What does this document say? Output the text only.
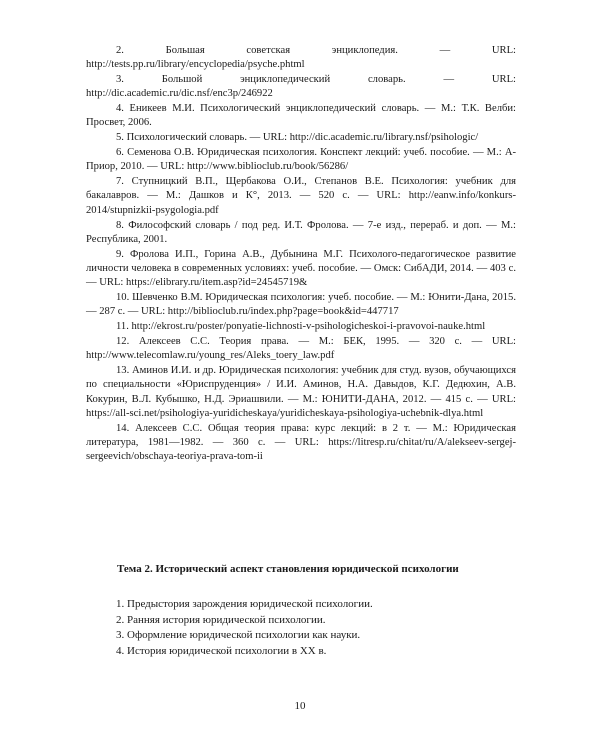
2. Большая советская энциклопедия. — URL: http://tests.pp.ru/library/encyclopedia/psyche.phtml

3. Большой энциклопедический словарь. — URL: http://dic.academic.ru/dic.nsf/enc3p/246922

4. Еникеев М.И. Психологический энциклопедический словарь. — М.: Т.К. Велби: Просвет, 2006.

5. Психологический словарь. — URL: http://dic.academic.ru/library.nsf/psihologic/

6. Семенова О.В. Юридическая психология. Конспект лекций: учеб. пособие. — М.: А-Приор, 2010. — URL: http://www.biblioclub.ru/book/56286/

7. Ступницкий В.П., Щербакова О.И., Степанов В.Е. Психология: учебник для бакалавров. — М.: Дашков и К°, 2013. — 520 с. — URL: http://eanw.info/konkurs-2014/stupnizkii-psygologia.pdf

8. Философский словарь / под ред. И.Т. Фролова. — 7-е изд., перераб. и доп. — М.: Республика, 2001.

9. Фролова И.П., Горина А.В., Дубынина М.Г. Психолого-педагогическое развитие личности человека в современных условиях: учеб. пособие. — Омск: СибАДИ, 2014. — 403 с. — URL: https://elibrary.ru/item.asp?id=24545719&

10. Шевченко В.М. Юридическая психология: учеб. пособие. — М.: Юнити-Дана, 2015. — 287 с. — URL: http://biblioclub.ru/index.php?page=book&id=447717

11. http://ekrost.ru/poster/ponyatie-lichnosti-v-psihologicheskoi-i-pravovoi-nauke.html

12. Алексеев С.С. Теория права. — М.: БЕК, 1995. — 320 с. — URL: http://www.telecomlaw.ru/young_res/Aleks_toery_law.pdf

13. Аминов И.И. и др. Юридическая психология: учебник для студ. вузов, обучающихся по специальности «Юриспруденция» / И.И. Аминов, Н.А. Давыдов, К.Г. Дедюхин, А.В. Кокурин, В.Л. Кубышко, Н.Д. Эриашвили. — М.: ЮНИТИ-ДАНА, 2012. — 415 с. — URL: https://all-sci.net/psihologiya-yuridicheskaya/yuridicheskaya-psihologiya-uchebnik-dlya.html

14. Алексеев С.С. Общая теория права: курс лекций: в 2 т. — М.: Юридическая литература, 1981—1982. — 360 с. — URL: https://litresp.ru/chitat/ru/А/alekseev-sergej-sergeevich/obschaya-teoriya-prava-tom-ii

Тема 2. Исторический аспект становления юридической психологии

1. Предыстория зарождения юридической психологии.
2. Ранняя история юридической психологии.
3. Оформление юридической психологии как науки.
4. История юридической психологии в XX в.

10
